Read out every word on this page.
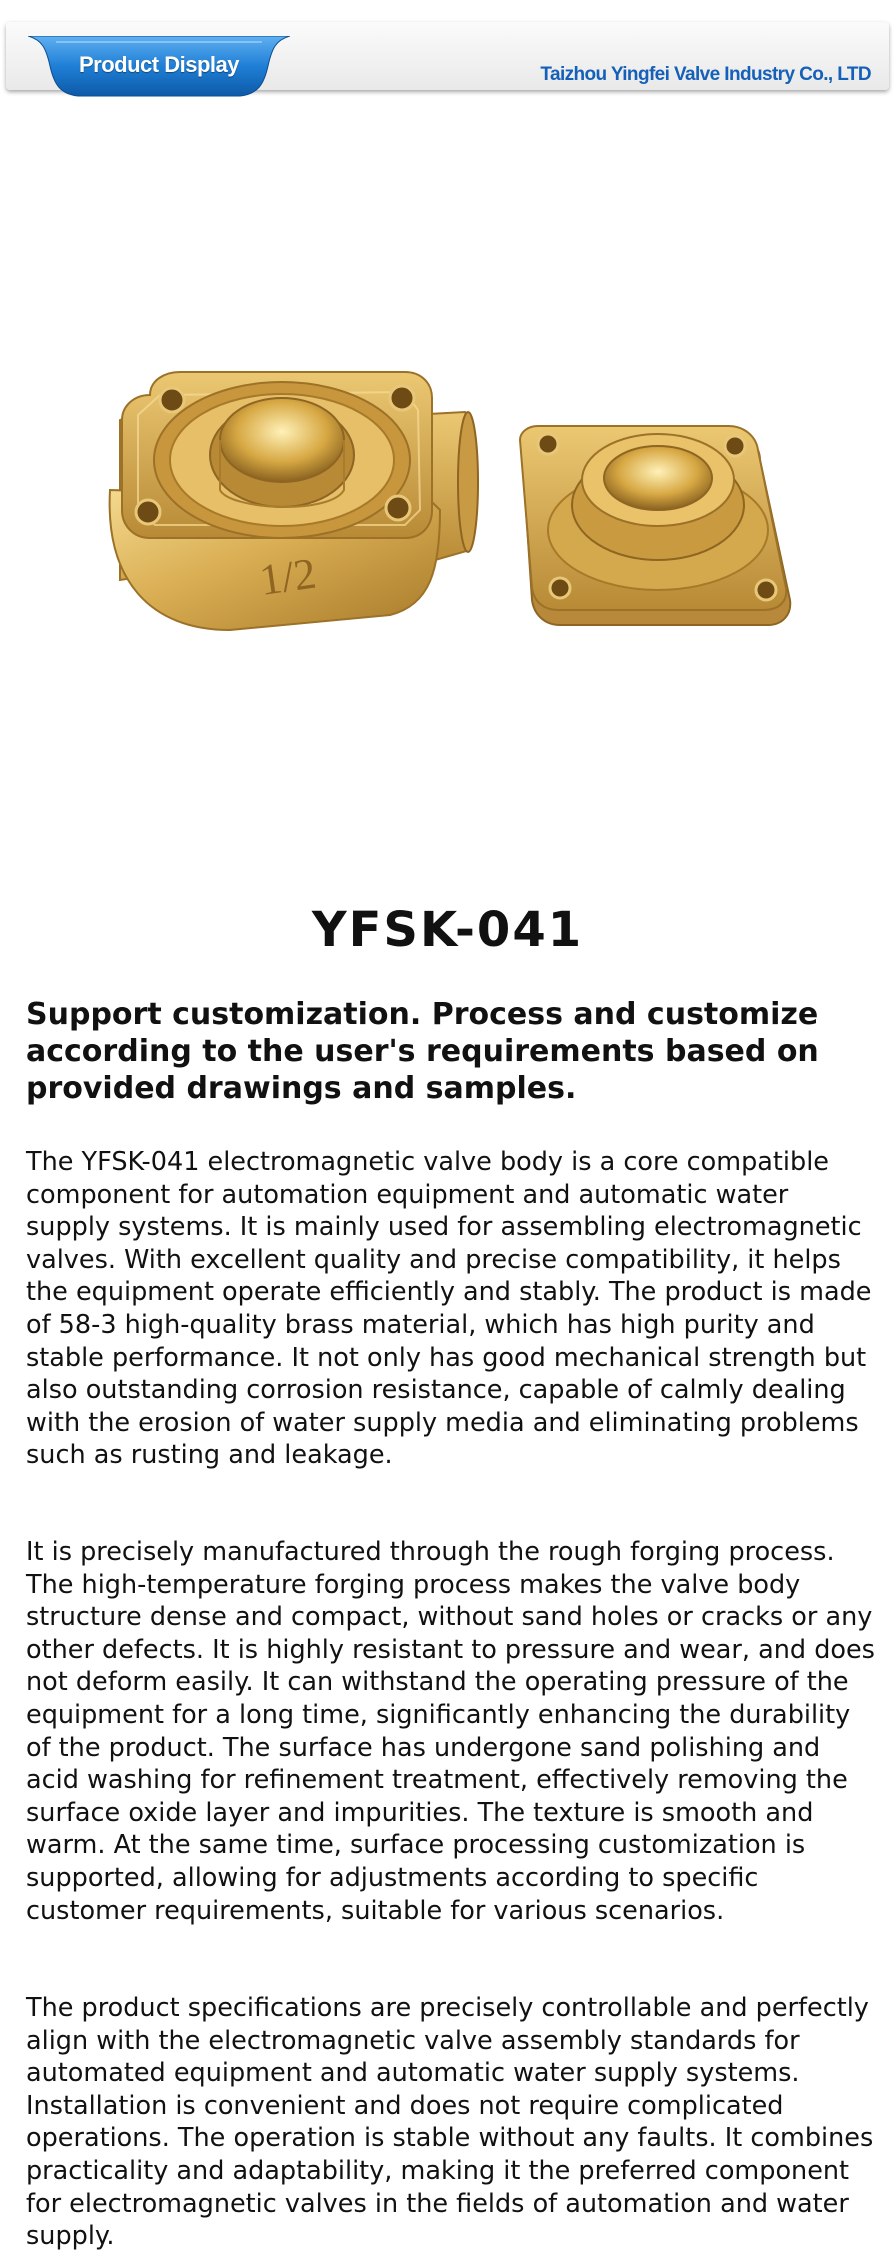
Product Display	Taizhou Yingfei Valve Industry Co., LTD
1/2
YFSK-041

Support customization. Process and customize according to the user's requirements based on provided drawings and samples.

The YFSK-041 electromagnetic valve body is a core compatible component for automation equipment and automatic water supply systems. It is mainly used for assembling electromagnetic valves. With excellent quality and precise compatibility, it helps the equipment operate efficiently and stably. The product is made of 58-3 high-quality brass material, which has high purity and stable performance. It not only has good mechanical strength but also outstanding corrosion resistance, capable of calmly dealing with the erosion of water supply media and eliminating problems such as rusting and leakage.

It is precisely manufactured through the rough forging process. The high-temperature forging process makes the valve body structure dense and compact, without sand holes or cracks or any other defects. It is highly resistant to pressure and wear, and does not deform easily. It can withstand the operating pressure of the equipment for a long time, significantly enhancing the durability of the product. The surface has undergone sand polishing and acid washing for refinement treatment, effectively removing the surface oxide layer and impurities. The texture is smooth and warm. At the same time, surface processing customization is supported, allowing for adjustments according to specific customer requirements, suitable for various scenarios.

The product specifications are precisely controllable and perfectly align with the electromagnetic valve assembly standards for automated equipment and automatic water supply systems. Installation is convenient and does not require complicated operations. The operation is stable without any faults. It combines practicality and adaptability, making it the preferred component for electromagnetic valves in the fields of automation and water supply.
